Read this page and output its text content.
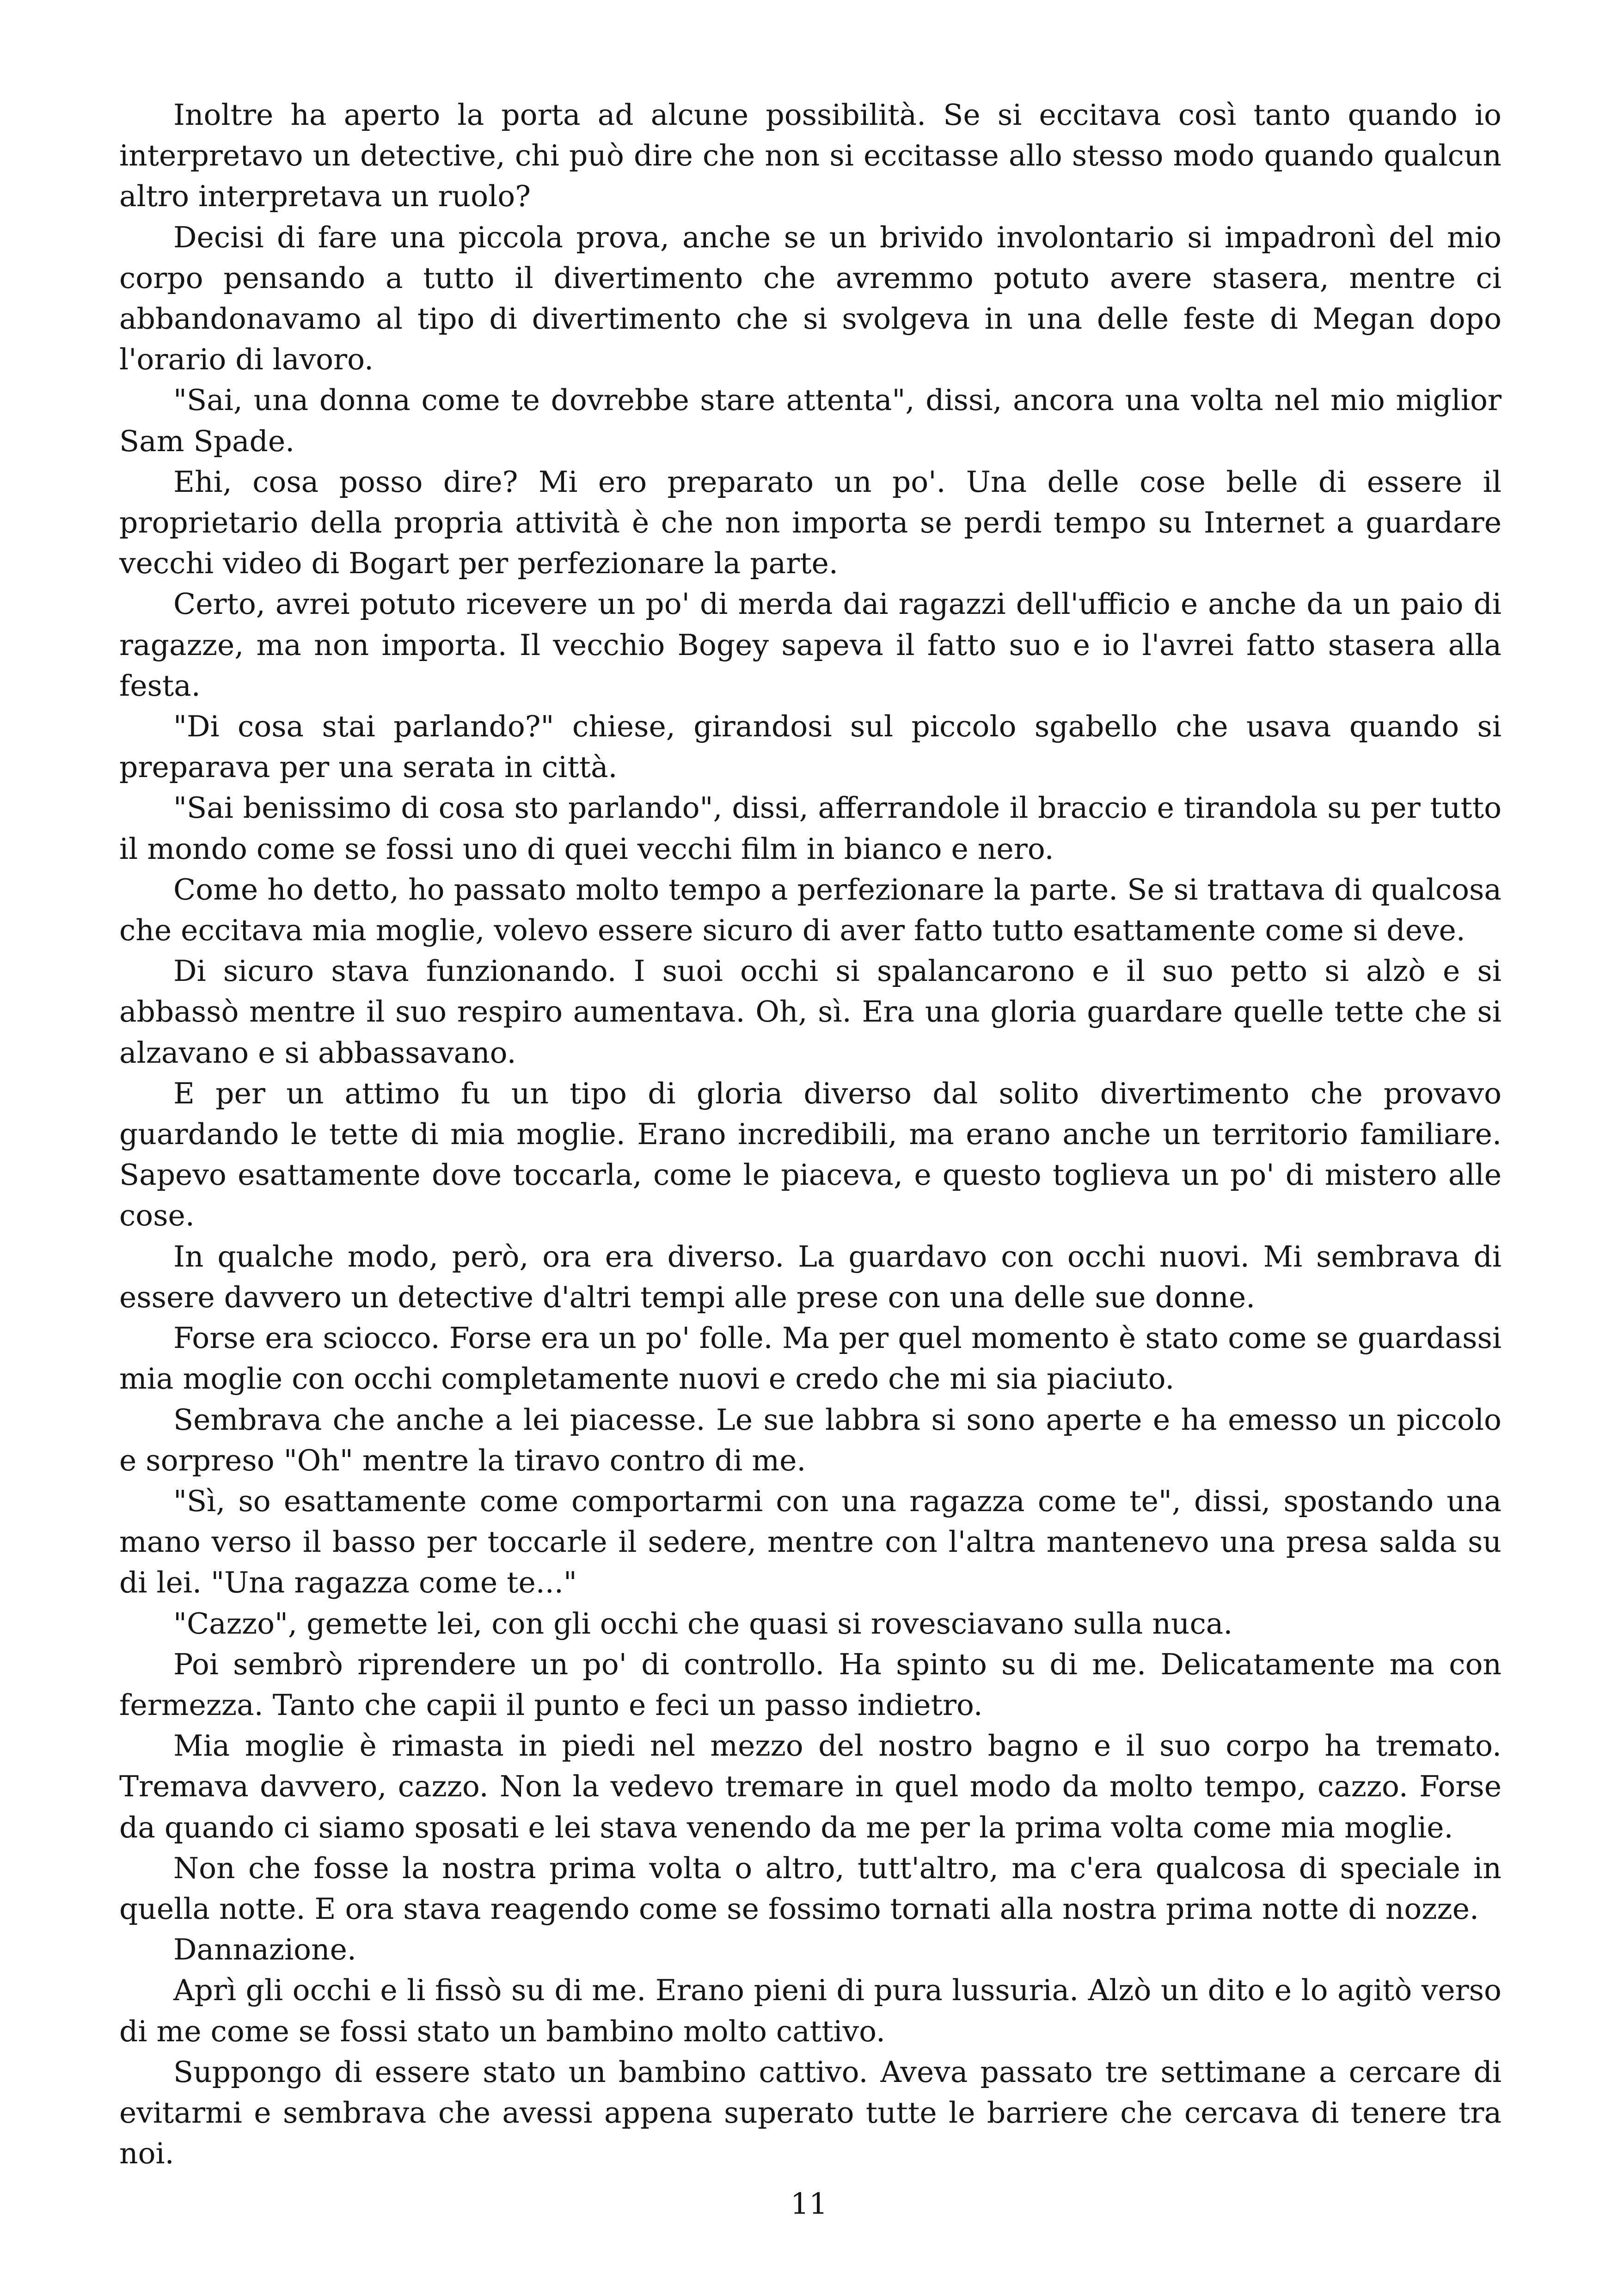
Inoltre ha aperto la porta ad alcune possibilità. Se si eccitava così tanto quando io interpretavo un detective, chi può dire che non si eccitasse allo stesso modo quando qualcun altro interpretava un ruolo?

Decisi di fare una piccola prova, anche se un brivido involontario si impadronì del mio corpo pensando a tutto il divertimento che avremmo potuto avere stasera, mentre ci abbandonavamo al tipo di divertimento che si svolgeva in una delle feste di Megan dopo l'orario di lavoro.

"Sai, una donna come te dovrebbe stare attenta", dissi, ancora una volta nel mio miglior Sam Spade.

Ehi, cosa posso dire? Mi ero preparato un po'. Una delle cose belle di essere il proprietario della propria attività è che non importa se perdi tempo su Internet a guardare vecchi video di Bogart per perfezionare la parte.

Certo, avrei potuto ricevere un po' di merda dai ragazzi dell'ufficio e anche da un paio di ragazze, ma non importa. Il vecchio Bogey sapeva il fatto suo e io l'avrei fatto stasera alla festa.

"Di cosa stai parlando?" chiese, girandosi sul piccolo sgabello che usava quando si preparava per una serata in città.

"Sai benissimo di cosa sto parlando", dissi, afferrandole il braccio e tirandola su per tutto il mondo come se fossi uno di quei vecchi film in bianco e nero.

Come ho detto, ho passato molto tempo a perfezionare la parte. Se si trattava di qualcosa che eccitava mia moglie, volevo essere sicuro di aver fatto tutto esattamente come si deve.

Di sicuro stava funzionando. I suoi occhi si spalancarono e il suo petto si alzò e si abbassò mentre il suo respiro aumentava. Oh, sì. Era una gloria guardare quelle tette che si alzavano e si abbassavano.

E per un attimo fu un tipo di gloria diverso dal solito divertimento che provavo guardando le tette di mia moglie. Erano incredibili, ma erano anche un territorio familiare. Sapevo esattamente dove toccarla, come le piaceva, e questo toglieva un po' di mistero alle cose.

In qualche modo, però, ora era diverso. La guardavo con occhi nuovi. Mi sembrava di essere davvero un detective d'altri tempi alle prese con una delle sue donne.

Forse era sciocco. Forse era un po' folle. Ma per quel momento è stato come se guardassi mia moglie con occhi completamente nuovi e credo che mi sia piaciuto.

Sembrava che anche a lei piacesse. Le sue labbra si sono aperte e ha emesso un piccolo e sorpreso "Oh" mentre la tiravo contro di me.

"Sì, so esattamente come comportarmi con una ragazza come te", dissi, spostando una mano verso il basso per toccarle il sedere, mentre con l'altra mantenevo una presa salda su di lei. "Una ragazza come te..."

"Cazzo", gemette lei, con gli occhi che quasi si rovesciavano sulla nuca.

Poi sembrò riprendere un po' di controllo. Ha spinto su di me. Delicatamente ma con fermezza. Tanto che capii il punto e feci un passo indietro.

Mia moglie è rimasta in piedi nel mezzo del nostro bagno e il suo corpo ha tremato. Tremava davvero, cazzo. Non la vedevo tremare in quel modo da molto tempo, cazzo. Forse da quando ci siamo sposati e lei stava venendo da me per la prima volta come mia moglie.

Non che fosse la nostra prima volta o altro, tutt'altro, ma c'era qualcosa di speciale in quella notte. E ora stava reagendo come se fossimo tornati alla nostra prima notte di nozze.

Dannazione.

Aprì gli occhi e li fissò su di me. Erano pieni di pura lussuria. Alzò un dito e lo agitò verso di me come se fossi stato un bambino molto cattivo.

Suppongo di essere stato un bambino cattivo. Aveva passato tre settimane a cercare di evitarmi e sembrava che avessi appena superato tutte le barriere che cercava di tenere tra noi.

11
